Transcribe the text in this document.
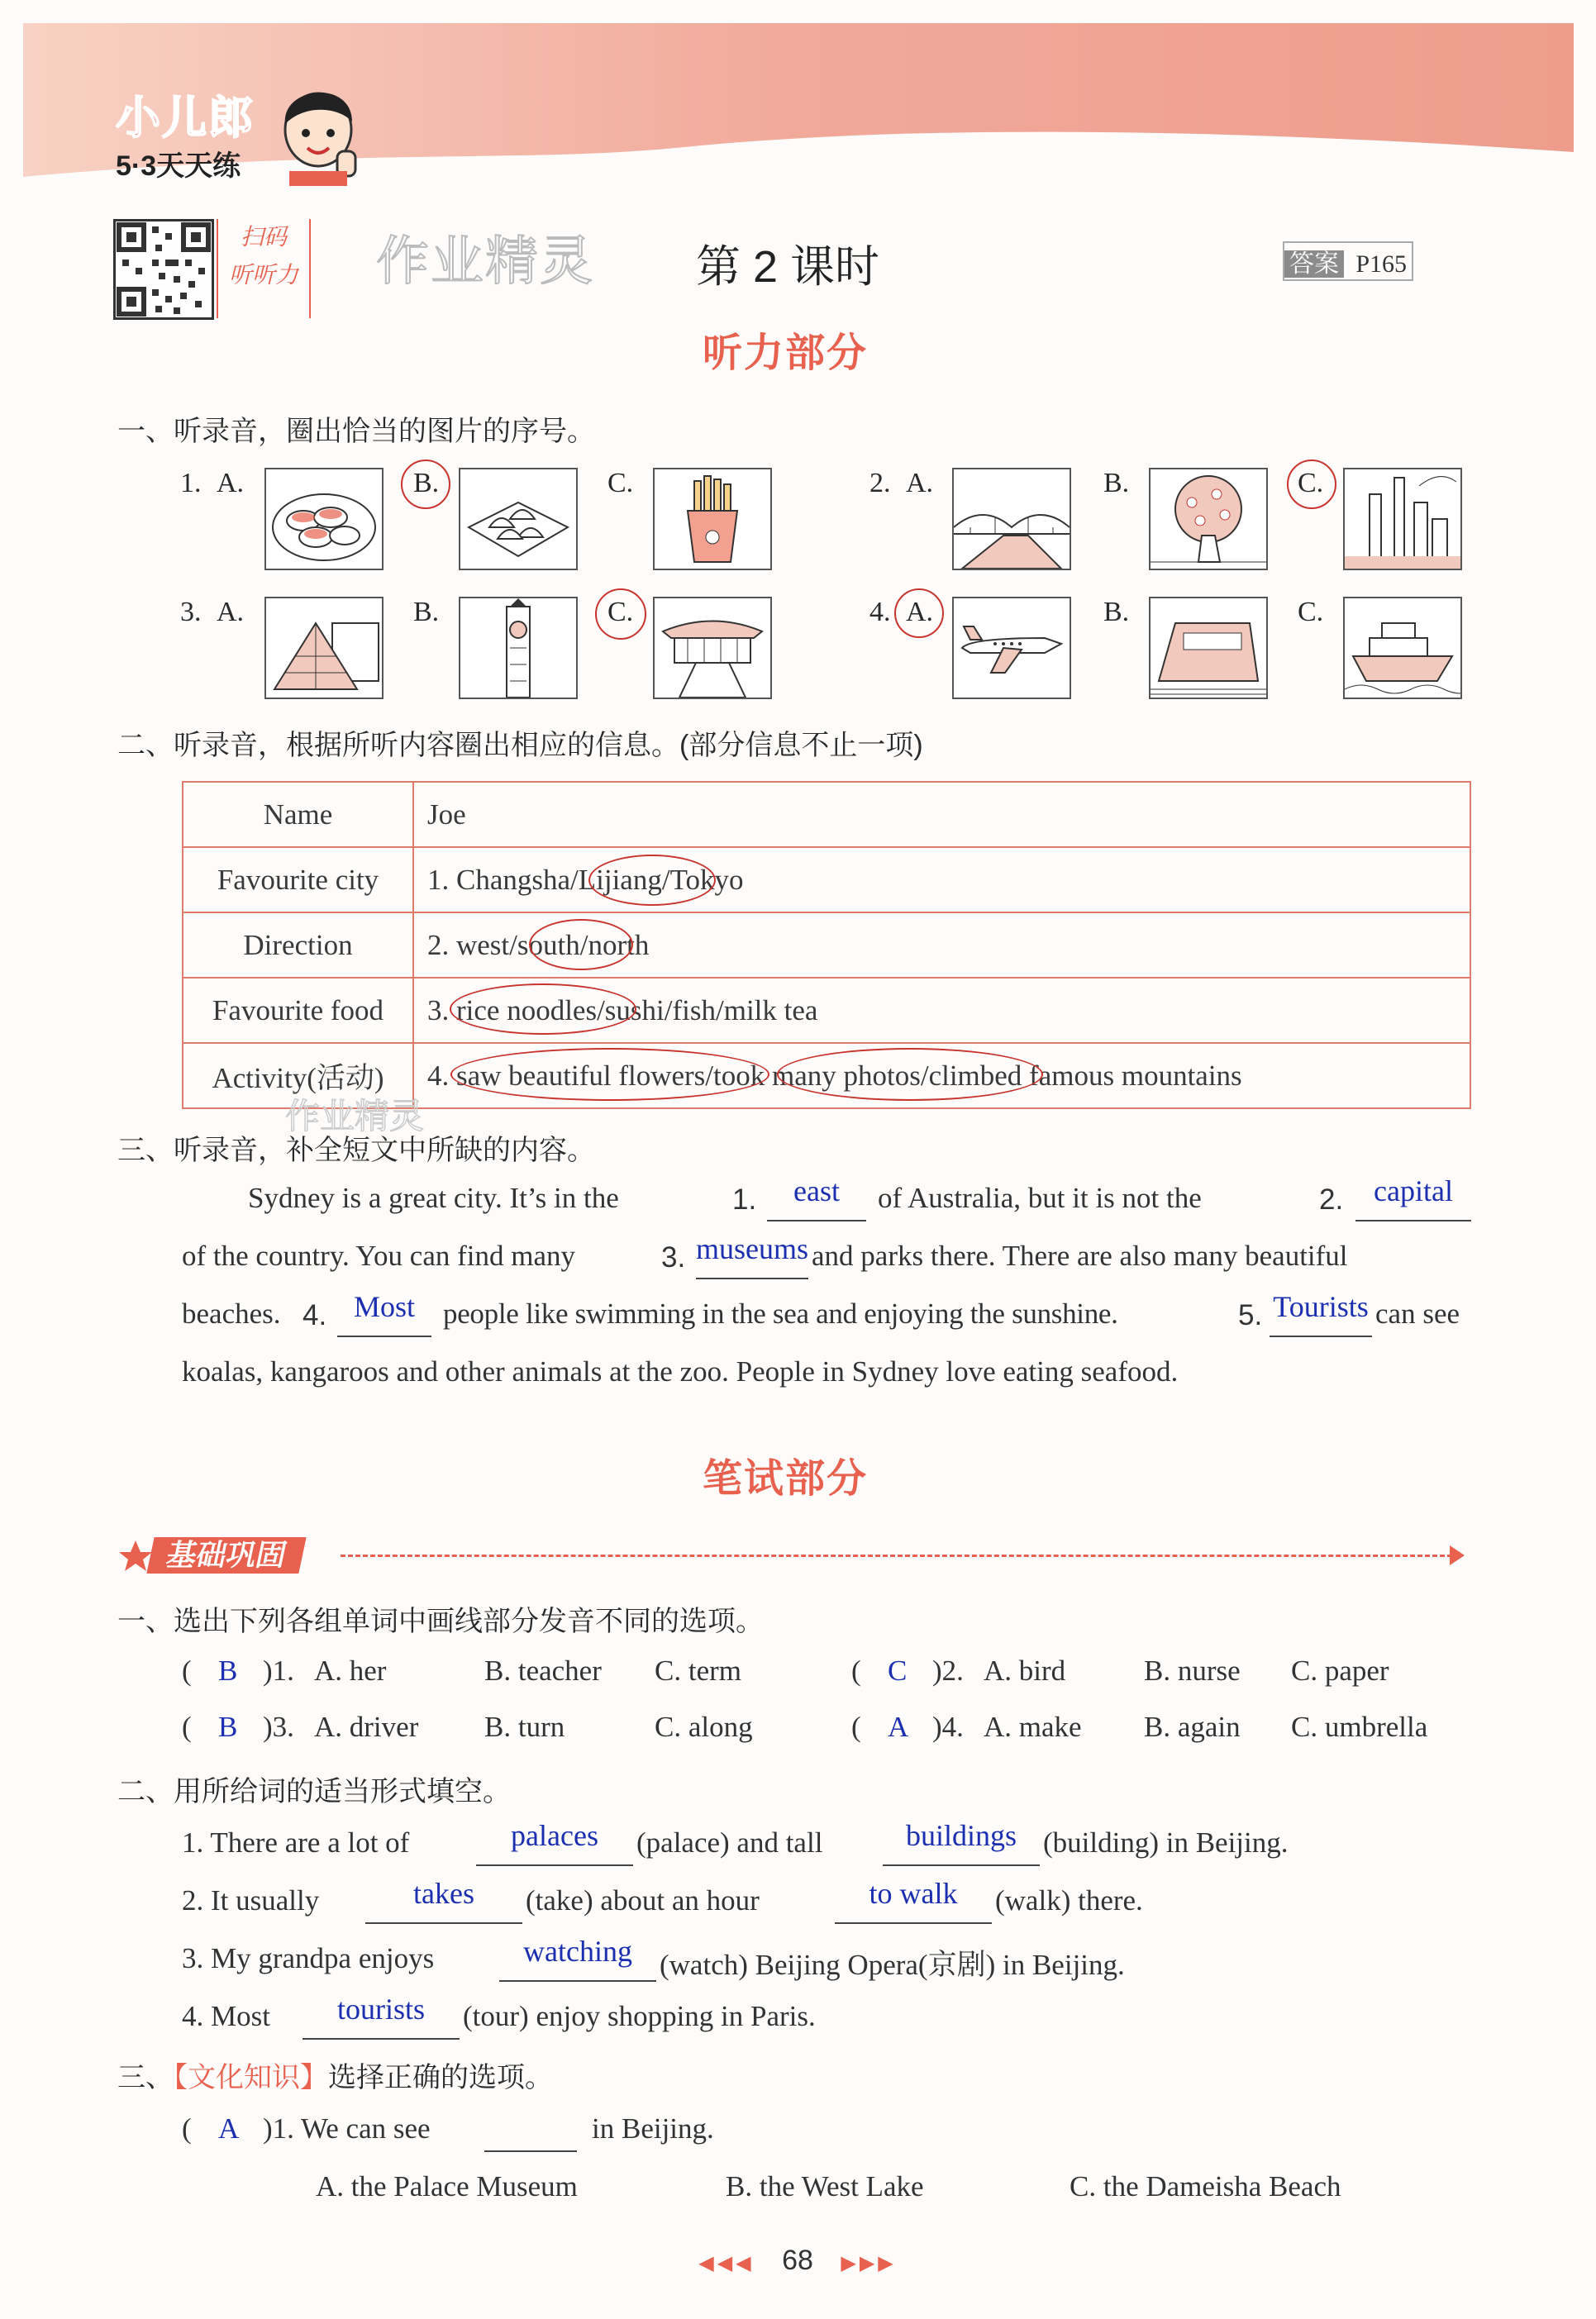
小儿郎
5·3天天练
扫码
听听力 作业精灵 第 2 课时	答案 P165
听力部分
一、听录音，圈出恰当的图片的序号。
1. A.	B.	C.	2. A.	B.	C.
3. A.	B.	C.	4. A.	B.	C.
二、听录音，根据所听内容圈出相应的信息。(部分信息不止一项)
Name	Joe
Favourite city	1. Changsha/Lijiang/Tokyo
Direction	2. west/south/north
Favourite food	3. rice noodles/sushi/fish/milk tea
Activity(活动)	4. saw beautiful flowers/took many photos/climbed famous mountains
作业精灵
三、听录音，补全短文中所缺的内容。
Sydney is a great city. It’s in the	1.	east	of Australia, but it is not the	2.	capital
of the country. You can find many	3. museums and parks there. There are also many beautiful
beaches. 4. Most people like swimming in the sea and enjoying the sunshine.	5. Tourists can see
koalas, kangaroos and other animals at the zoo. People in Sydney love eating seafood.
笔试部分
基础巩固
一、选出下列各组单词中画线部分发音不同的选项。
( B )1. A. her	B. teacher C. term	( C )2. A. bird	B. nurse C. paper
( B )3. A. driver B. turn	C. along	( A )4. A. make B. again C. umbrella
二、用所给词的适当形式填空。
1. There are a lot of	palaces	(palace) and tall	buildings (building) in Beijing.
2. It usually	takes	(take) about an hour	to walk	(walk) there.
3. My grandpa enjoys	watching (watch) Beijing Opera(京剧) in Beijing.
4. Most	tourists	(tour) enjoy shopping in Paris.
三、【文化知识】选择正确的选项。
( A )1. We can see	in Beijing.
A. the Palace Museum	B. the West Lake	C. the Dameisha Beach
◀◀◀ 68 ▶▶▶
